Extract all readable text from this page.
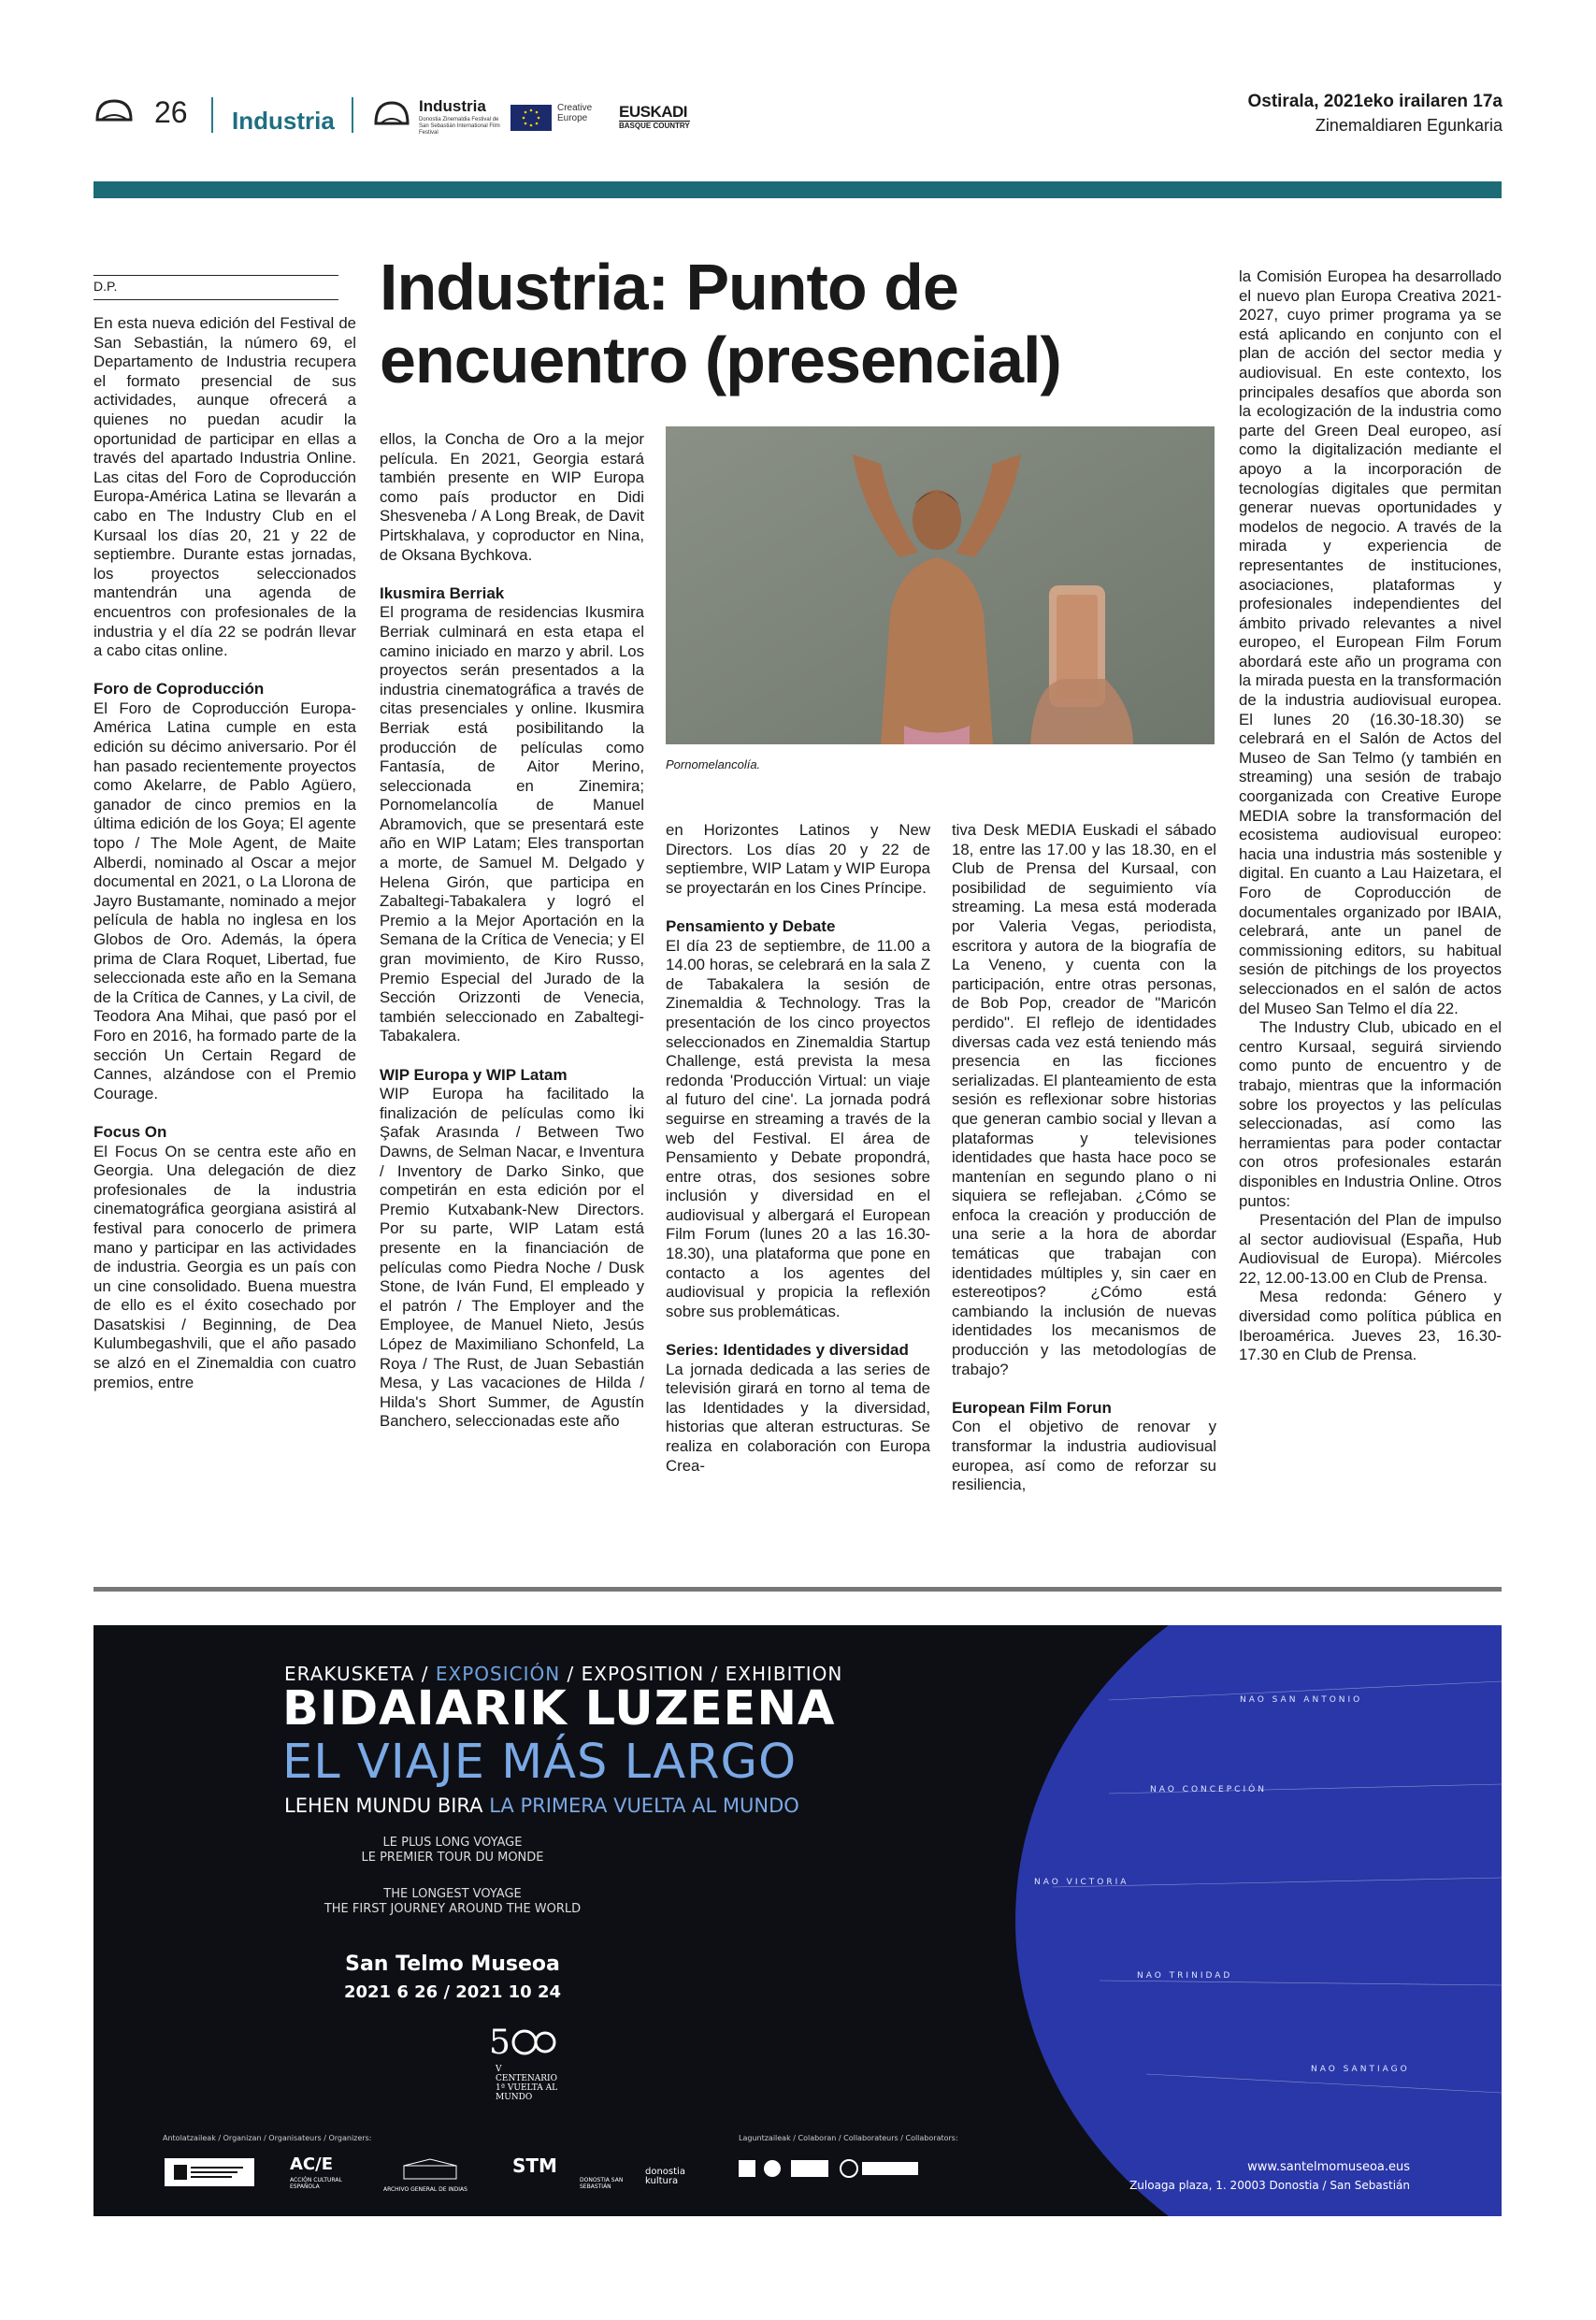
26 Industria
Industria
Donostia Zinemaldia Festival de San Sebastián International Film Festival
Creative Europe	EUSKADI
BASQUE COUNTRY
Ostirala, 2021eko irailaren 17a
Zinemaldiaren Egunkaria
D.P.	Industria: Punto de encuentro (presencial)

En esta nueva edición del Festival de San Sebastián, la número 69, el Departamento de Industria recupera el formato presencial de sus actividades, aunque ofrecerá a quienes no puedan acudir la oportunidad de participar en ellas a través del apartado Industria Online. Las citas del Foro de Coproducción Europa-América Latina se llevarán a cabo en The Industry Club en el Kursaal los días 20, 21 y 22 de septiembre. Durante estas jornadas, los proyectos seleccionados mantendrán una agenda de encuentros con profesionales de la industria y el día 22 se podrán llevar a cabo citas online.

Foro de Coproducción

El Foro de Coproducción Europa-América Latina cumple en esta edición su décimo aniversario. Por él han pasado recientemente proyectos como Akelarre, de Pablo Agüero, ganador de cinco premios en la última edición de los Goya; El agente topo / The Mole Agent, de Maite Alberdi, nominado al Oscar a mejor documental en 2021, o La Llorona de Jayro Bustamante, nominado a mejor película de habla no inglesa en los Globos de Oro. Además, la ópera prima de Clara Roquet, Libertad, fue seleccionada este año en la Semana de la Crítica de Cannes, y La civil, de Teodora Ana Mihai, que pasó por el Foro en 2016, ha formado parte de la sección Un Certain Regard de Cannes, alzándose con el Premio Courage.

Focus On

El Focus On se centra este año en Georgia. Una delegación de diez profesionales de la industria cinematográfica georgiana asistirá al festival para conocerlo de primera mano y participar en las actividades de industria. Georgia es un país con un cine consolidado. Buena muestra de ello es el éxito cosechado por Dasatskisi / Beginning, de Dea Kulumbegashvili, que el año pasado se alzó en el Zinemaldia con cuatro premios, entre

ellos, la Concha de Oro a la mejor película. En 2021, Georgia estará también presente en WIP Europa como país productor en Didi Shesveneba / A Long Break, de Davit Pirtskhalava, y coproductor en Nina, de Oksana Bychkova.

Ikusmira Berriak

El programa de residencias Ikusmira Berriak culminará en esta etapa el camino iniciado en marzo y abril. Los proyectos serán presentados a la industria cinematográfica a través de citas presenciales y online. Ikusmira Berriak está posibilitando la producción de películas como Fantasía, de Aitor Merino, seleccionada en Zinemira; Pornomelancolía de Manuel Abramovich, que se presentará este año en WIP Latam; Eles transportan a morte, de Samuel M. Delgado y Helena Girón, que participa en Zabaltegi-Tabakalera y logró el Premio a la Mejor Aportación en la Semana de la Crítica de Venecia; y El gran movimiento, de Kiro Russo, Premio Especial del Jurado de la Sección Orizzonti de Venecia, también seleccionado en Zabaltegi-Tabakalera.

WIP Europa y WIP Latam

WIP Europa ha facilitado la finalización de películas como İki Şafak Arasında / Between Two Dawns, de Selman Nacar, e Inventura / Inventory de Darko Sinko, que competirán en esta edición por el Premio Kutxabank-New Directors. Por su parte, WIP Latam está presente en la financiación de películas como Piedra Noche / Dusk Stone, de Iván Fund, El empleado y el patrón / The Employer and the Employee, de Manuel Nieto, Jesús López de Maximiliano Schonfeld, La Roya / The Rust, de Juan Sebastián Mesa, y Las vacaciones de Hilda / Hilda's Short Summer, de Agustín Banchero, seleccionadas este año

Pornomelancolía.

en Horizontes Latinos y New Directors. Los días 20 y 22 de septiembre, WIP Latam y WIP Europa se proyectarán en los Cines Príncipe.

Pensamiento y Debate

El día 23 de septiembre, de 11.00 a 14.00 horas, se celebrará en la sala Z de Tabakalera la sesión de Zinemaldia & Technology. Tras la presentación de los cinco proyectos seleccionados en Zinemaldia Startup Challenge, está prevista la mesa redonda 'Producción Virtual: un viaje al futuro del cine'. La jornada podrá seguirse en streaming a través de la web del Festival. El área de Pensamiento y Debate propondrá, entre otras, dos sesiones sobre inclusión y diversidad en el audiovisual y albergará el European Film Forum (lunes 20 a las 16.30-18.30), una plataforma que pone en contacto a los agentes del audiovisual y propicia la reflexión sobre sus problemáticas.

Series: Identidades y diversidad

La jornada dedicada a las series de televisión girará en torno al tema de las Identidades y la diversidad, historias que alteran estructuras. Se realiza en colaboración con Europa Crea-

tiva Desk MEDIA Euskadi el sábado 18, entre las 17.00 y las 18.30, en el Club de Prensa del Kursaal, con posibilidad de seguimiento vía streaming. La mesa está moderada por Valeria Vegas, periodista, escritora y autora de la biografía de La Veneno, y cuenta con la participación, entre otras personas, de Bob Pop, creador de "Maricón perdido". El reflejo de identidades diversas cada vez está teniendo más presencia en las ficciones serializadas. El planteamiento de esta sesión es reflexionar sobre historias que generan cambio social y llevan a plataformas y televisiones identidades que hasta hace poco se mantenían en segundo plano o ni siquiera se reflejaban. ¿Cómo se enfoca la creación y producción de una serie a la hora de abordar temáticas que trabajan con identidades múltiples y, sin caer en estereotipos? ¿Cómo está cambiando la inclusión de nuevas identidades los mecanismos de producción y las metodologías de trabajo?

European Film Forun

Con el objetivo de renovar y transformar la industria audiovisual europea, así como de reforzar su resiliencia,

la Comisión Europea ha desarrollado el nuevo plan Europa Creativa 2021-2027, cuyo primer programa ya se está aplicando en conjunto con el plan de acción del sector media y audiovisual. En este contexto, los principales desafíos que aborda son la ecologización de la industria como parte del Green Deal europeo, así como la digitalización mediante el apoyo a la incorporación de tecnologías digitales que permitan generar nuevas oportunidades y modelos de negocio. A través de la mirada y experiencia de representantes de instituciones, asociaciones, plataformas y profesionales independientes del ámbito privado relevantes a nivel europeo, el European Film Forum abordará este año un programa con la mirada puesta en la transformación de la industria audiovisual europea. El lunes 20 (16.30-18.30) se celebrará en el Salón de Actos del Museo de San Telmo (y también en streaming) una sesión de trabajo coorganizada con Creative Europe MEDIA sobre la transformación del ecosistema audiovisual europeo: hacia una industria más sostenible y digital. En cuanto a Lau Haizetara, el Foro de Coproducción de documentales organizado por IBAIA, celebrará, ante un panel de commissioning editors, su habitual sesión de pitchings de los proyectos seleccionados en el salón de actos del Museo San Telmo el día 22.

The Industry Club, ubicado en el centro Kursaal, seguirá sirviendo como punto de encuentro y de trabajo, mientras que la información sobre los proyectos y las películas seleccionadas, así como las herramientas para poder contactar con otros profesionales estarán disponibles en Industria Online. Otros puntos:

Presentación del Plan de impulso al sector audiovisual (España, Hub Audiovisual de Europa). Miércoles 22, 12.00-13.00 en Club de Prensa.

Mesa redonda: Género y diversidad como política pública en Iberoamérica. Jueves 23, 16.30-17.30 en Club de Prensa.

NAO SAN ANTONIO
NAO CONCEPCIÓN
NAO VICTORIA
NAO TRINIDAD
NAO SANTIAGO
ERAKUSKETA / EXPOSICIÓN / EXPOSITION / EXHIBITION
BIDAIARIK LUZEENA
EL VIAJE MÁS LARGO
LEHEN MUNDU BIRA LA PRIMERA VUELTA AL MUNDO
LE PLUS LONG VOYAGE
LE PREMIER TOUR DU MONDE
THE LONGEST VOYAGE
THE FIRST JOURNEY AROUND THE WORLD
San Telmo Museoa
2021 6 26 / 2021 10 24
5
V CENTENARIO 1ª VUELTA AL MUNDO
Antolatzaileak / Organizan / Organisateurs / Organizers:	Laguntzaileak / Colaboran / Collaborateurs / Collaborators:
AC/E
ACCIÓN CULTURAL ESPAÑOLA	ARCHIVO GENERAL DE INDIAS
STM
DONOSTIA SAN SEBASTIÁN
donostia kultura
www.santelmomuseoa.eus
Zuloaga plaza, 1. 20003 Donostia / San Sebastián
